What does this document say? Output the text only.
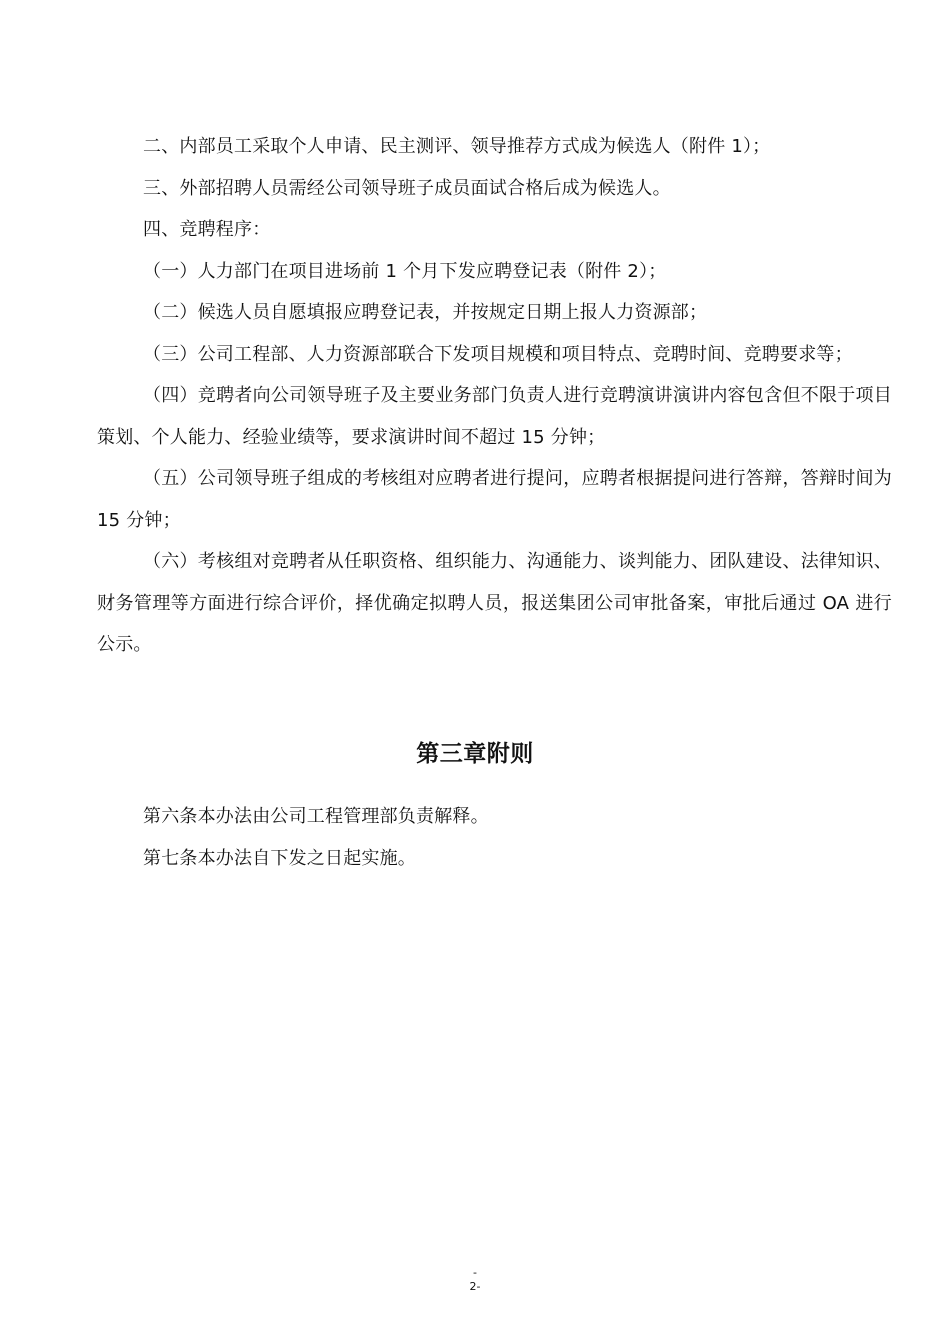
二、内部员工采取个人申请、民主测评、领导推荐方式成为候选人（附件 1）；

三、外部招聘人员需经公司领导班子成员面试合格后成为候选人。

四、竞聘程序：

（一）人力部门在项目进场前 1 个月下发应聘登记表（附件 2）；

（二）候选人员自愿填报应聘登记表，并按规定日期上报人力资源部；

（三）公司工程部、人力资源部联合下发项目规模和项目特点、竞聘时间、竞聘要求等；

（四）竞聘者向公司领导班子及主要业务部门负责人进行竞聘演讲演讲内容包含但不限于项目策划、个人能力、经验业绩等，要求演讲时间不超过 15 分钟；

（五）公司领导班子组成的考核组对应聘者进行提问，应聘者根据提问进行答辩，答辩时间为 15 分钟；

（六）考核组对竞聘者从任职资格、组织能力、沟通能力、谈判能力、团队建设、法律知识、财务管理等方面进行综合评价，择优确定拟聘人员，报送集团公司审批备案，审批后通过 OA 进行公示。

第三章附则

第六条本办法由公司工程管理部负责解释。

第七条本办法自下发之日起实施。

-
2-
